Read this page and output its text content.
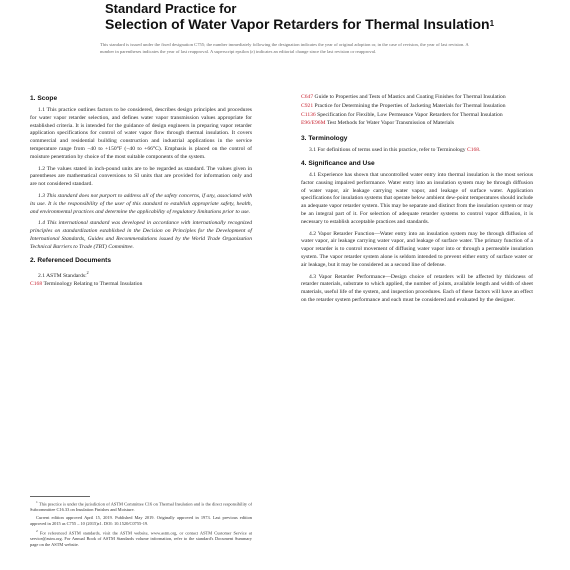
Standard Practice for
Selection of Water Vapor Retarders for Thermal Insulation$^1$
This standard is issued under the fixed designation C755; the number immediately following the designation indicates the year of original adoption or, in the case of revision, the year of last revision. A number in parentheses indicates the year of last reapproval. A superscript epsilon (ε) indicates an editorial change since the last revision or reapproval.
1. Scope

1.1 This practice outlines factors to be considered, describes design principles and procedures for water vapor retarder selection, and defines water vapor transmission values appropriate for established criteria. It is intended for the guidance of design engineers in preparing vapor retarder application specifications for control of water vapor flow through thermal insulation. It covers commercial and residential building construction and industrial applications in the service temperature range from −40 to +150°F (−40 to +66°C). Emphasis is placed on the control of moisture penetration by choice of the most suitable components of the system.

1.2 The values stated in inch-pound units are to be regarded as standard. The values given in parentheses are mathematical conversions to SI units that are provided for information only and are not considered standard.

1.3 This standard does not purport to address all of the safety concerns, if any, associated with its use. It is the responsibility of the user of this standard to establish appropriate safety, health, and environmental practices and determine the applicability of regulatory limitations prior to use.

1.4 This international standard was developed in accordance with internationally recognized principles on standardization established in the Decision on Principles for the Development of International Standards, Guides and Recommendations issued by the World Trade Organization Technical Barriers to Trade (TBT) Committee.

2. Referenced Documents
2.1 ASTM Standards:$^2$
C168 Terminology Relating to Thermal Insulation
C647 Guide to Properties and Tests of Mastics and Coating Finishes for Thermal Insulation
C921 Practice for Determining the Properties of Jacketing Materials for Thermal Insulation
C1136 Specification for Flexible, Low Permeance Vapor Retarders for Thermal Insulation
E96/E96M Test Methods for Water Vapor Transmission of Materials
3. Terminology

3.1 For definitions of terms used in this practice, refer to Terminology C168.

4. Significance and Use

4.1 Experience has shown that uncontrolled water entry into thermal insulation is the most serious factor causing impaired performance. Water entry into an insulation system may be through diffusion of water vapor, air leakage carrying water vapor, and leakage of surface water. Application specifications for insulation systems that operate below ambient dew-point temperatures should include an adequate vapor retarder system. This may be separate and distinct from the insulation system or may be an integral part of it. For selection of adequate retarder systems to control vapor diffusion, it is necessary to establish acceptable practices and standards.

4.2 Vapor Retarder Function—Water entry into an insulation system may be through diffusion of water vapor, air leakage carrying water vapor, and leakage of surface water. The primary function of a vapor retarder is to control movement of diffusing water vapor into or through a permeable insulation system. The vapor retarder system alone is seldom intended to prevent either entry of surface water or air leakage, but it may be considered as a second line of defense.

4.3 Vapor Retarder Performance—Design choice of retarders will be affected by thickness of retarder materials, substrate to which applied, the number of joints, available length and width of sheet materials, useful life of the system, and inspection procedures. Each of these factors will have an effect on the retarder system performance and each must be considered and evaluated by the designer.

$^1$ This practice is under the jurisdiction of ASTM Committee C16 on Thermal Insulation and is the direct responsibility of Subcommittee C16.33 on Insulation Finishes and Moisture.

Current edition approved April 15, 2019. Published May 2019. Originally approved in 1973. Last previous edition approved in 2015 as C755 – 10 (2015)ε1. DOI: 10.1520/C0755-19.

$^2$ For referenced ASTM standards, visit the ASTM website, www.astm.org, or contact ASTM Customer Service at service@astm.org. For Annual Book of ASTM Standards volume information, refer to the standard's Document Summary page on the ASTM website.
